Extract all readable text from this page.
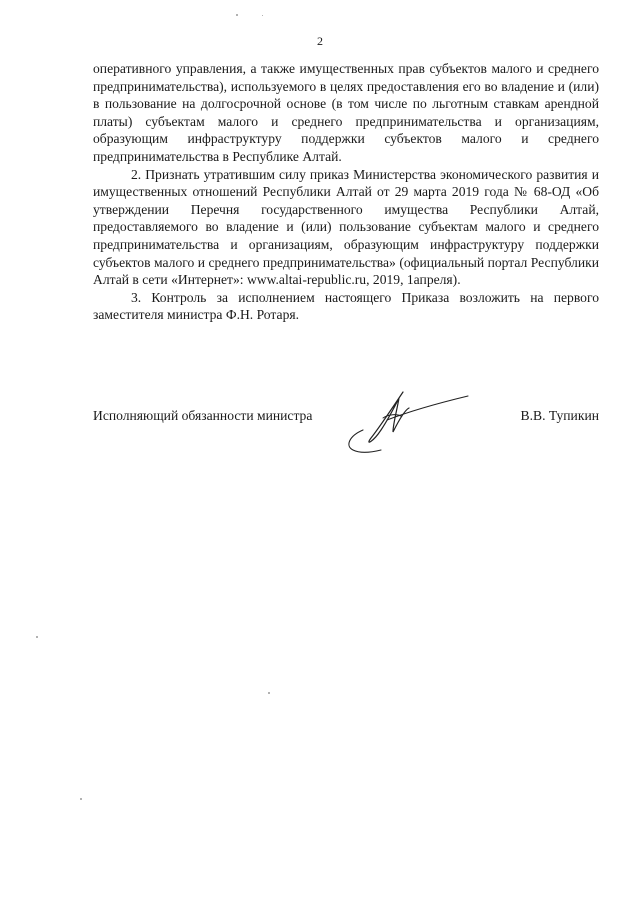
2

оперативного управления, а также имущественных прав субъектов малого и среднего предпринимательства), используемого в целях предоставления его во владение и (или) в пользование на долгосрочной основе (в том числе по льготным ставкам арендной платы) субъектам малого и среднего предпринимательства и организациям, образующим инфраструктуру поддержки субъектов малого и среднего предпринимательства в Республике Алтай.

2. Признать утратившим силу приказ Министерства экономического развития и имущественных отношений Республики Алтай от 29 марта 2019 года № 68-ОД «Об утверждении Перечня государственного имущества Республики Алтай, предоставляемого во владение и (или) пользование субъектам малого и среднего предпринимательства и организациям, образующим инфраструктуру поддержки субъектов малого и среднего предпринимательства» (официальный портал Республики Алтай в сети «Интернет»: www.altai-republic.ru, 2019, 1апреля).

3. Контроль за исполнением настоящего Приказа возложить на первого заместителя министра Ф.Н. Ротаря.

Исполняющий обязанности министра	В.В. Тупикин
